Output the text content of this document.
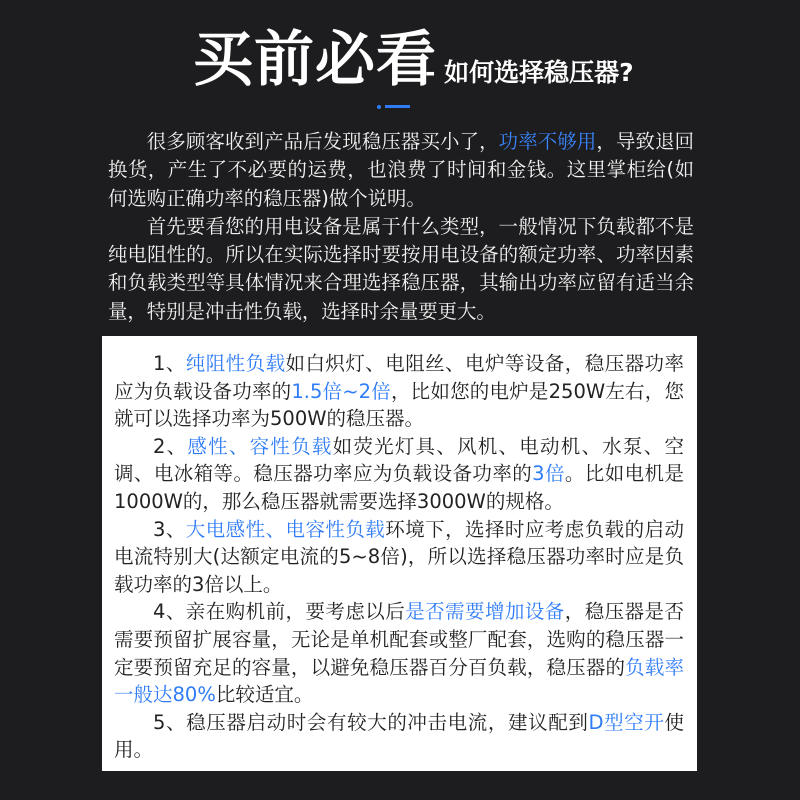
买前必看
- 如何选择稳压器?

很多顾客收到产品后发现稳压器买小了，功率不够用，导致退回换货，产生了不必要的运费，也浪费了时间和金钱。这里掌柜给(如何选购正确功率的稳压器)做个说明。

首先要看您的用电设备是属于什么类型，一般情况下负载都不是纯电阻性的。所以在实际选择时要按用电设备的额定功率、功率因素和负载类型等具体情况来合理选择稳压器，其输出功率应留有适当余量，特别是冲击性负载，选择时余量要更大。

1、纯阻性负载如白炽灯、电阻丝、电炉等设备，稳压器功率应为负载设备功率的1.5倍~2倍，比如您的电炉是250W左右，您就可以选择功率为500W的稳压器。

2、感性、容性负载如荧光灯具、风机、电动机、水泵、空调、电冰箱等。稳压器功率应为负载设备功率的3倍。比如电机是1000W的，那么稳压器就需要选择3000W的规格。

3、大电感性、电容性负载环境下，选择时应考虑负载的启动电流特别大(达额定电流的5~8倍)，所以选择稳压器功率时应是负载功率的3倍以上。

4、亲在购机前，要考虑以后是否需要增加设备，稳压器是否需要预留扩展容量，无论是单机配套或整厂配套，选购的稳压器一定要预留充足的容量，以避免稳压器百分百负载，稳压器的负载率一般达80%比较适宜。

5、稳压器启动时会有较大的冲击电流，建议配到D型空开使用。
